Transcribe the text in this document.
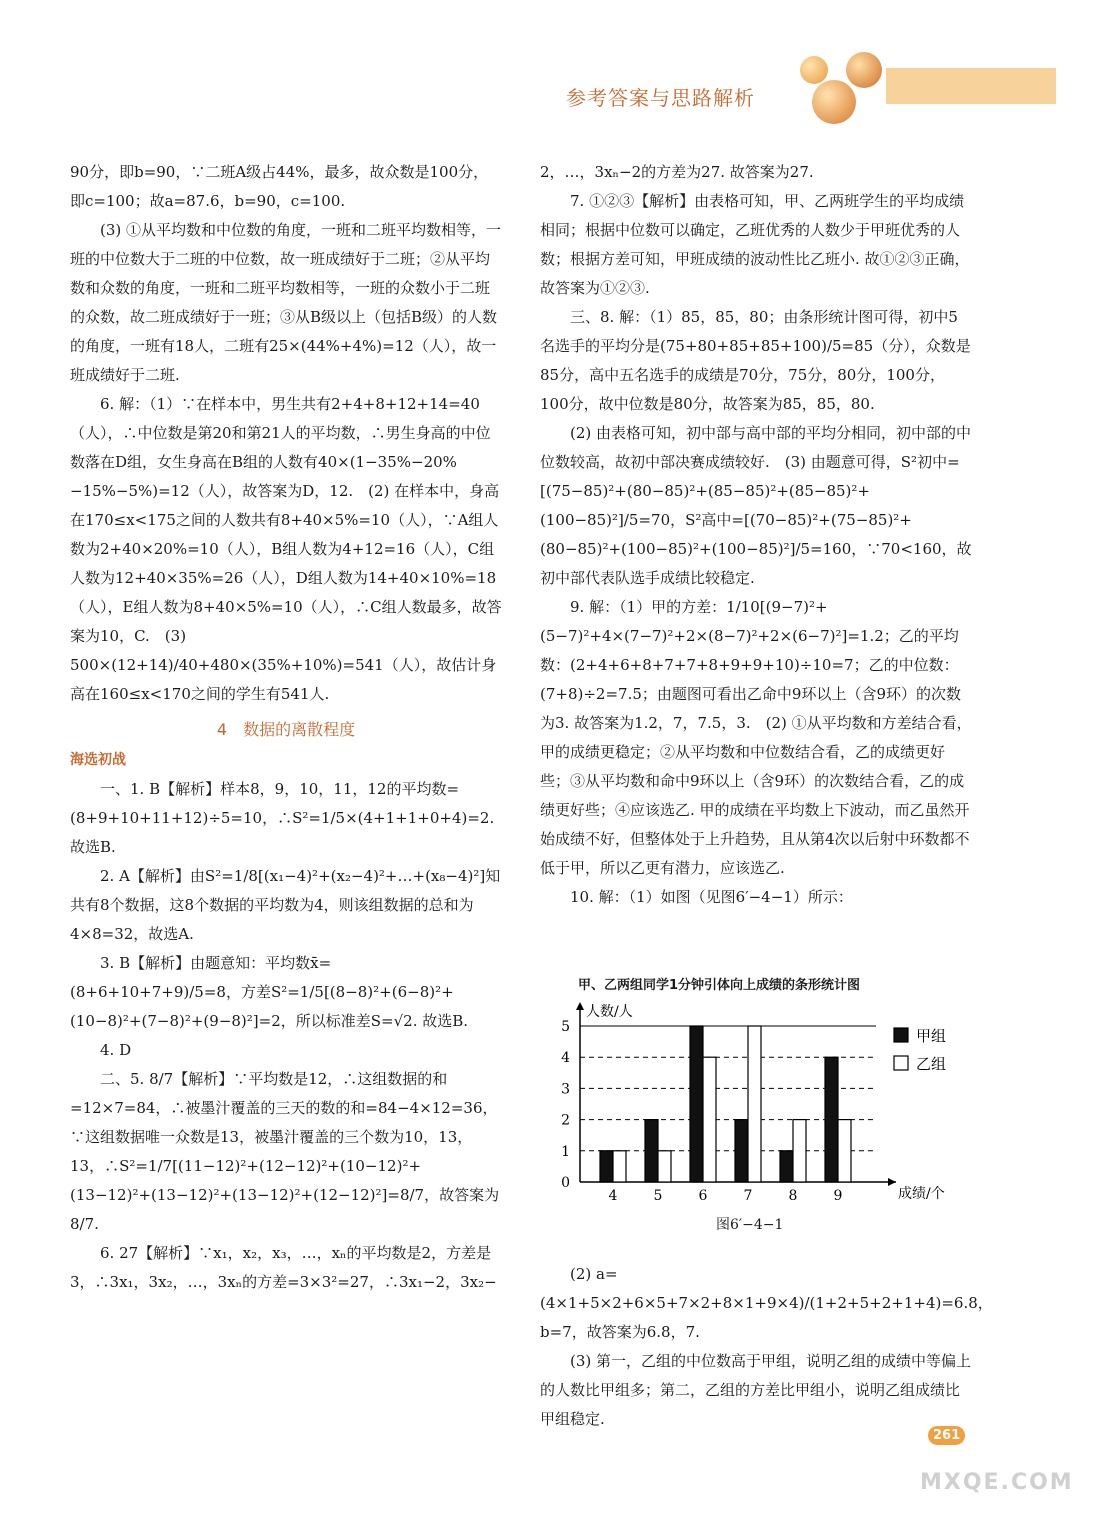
参考答案与思路解析

90分，即b=90，∵二班A级占44%，最多，故众数是100分，即c=100；故a=87.6，b=90，c=100.

(3) ①从平均数和中位数的角度，一班和二班平均数相等，一班的中位数大于二班的中位数，故一班成绩好于二班；②从平均数和众数的角度，一班和二班平均数相等，一班的众数小于二班的众数，故二班成绩好于一班；③从B级以上（包括B级）的人数的角度，一班有18人，二班有25×(44%+4%)=12（人），故一班成绩好于二班.

6. 解：（1）∵在样本中，男生共有2+4+8+12+14=40（人），∴中位数是第20和第21人的平均数，∴男生身高的中位数落在D组，女生身高在B组的人数有40×(1−35%−20%−15%−5%)=12（人），故答案为D，12.　(2) 在样本中，身高在170≤x<175之间的人数共有8+40×5%=10（人），∵A组人数为2+40×20%=10（人），B组人数为4+12=16（人），C组人数为12+40×35%=26（人），D组人数为14+40×10%=18（人），E组人数为8+40×5%=10（人），∴C组人数最多，故答案为10，C.　(3) 500×(12+14)/40+480×(35%+10%)=541（人），故估计身高在160≤x<170之间的学生有541人.

4　数据的离散程度
海选初战

一、1. B【解析】样本8，9，10，11，12的平均数=(8+9+10+11+12)÷5=10，∴S²=1/5×(4+1+1+0+4)=2. 故选B.

2. A【解析】由S²=1/8[(x₁−4)²+(x₂−4)²+…+(x₈−4)²]知共有8个数据，这8个数据的平均数为4，则该组数据的总和为4×8=32，故选A.

3. B【解析】由题意知：平均数x̄=(8+6+10+7+9)/5=8，方差S²=1/5[(8−8)²+(6−8)²+(10−8)²+(7−8)²+(9−8)²]=2，所以标准差S=√2. 故选B.

4. D

二、5. 8/7【解析】∵平均数是12，∴这组数据的和=12×7=84，∴被墨汁覆盖的三天的数的和=84−4×12=36，∵这组数据唯一众数是13，被墨汁覆盖的三个数为10，13，13，∴S²=1/7[(11−12)²+(12−12)²+(10−12)²+(13−12)²+(13−12)²+(13−12)²+(12−12)²]=8/7，故答案为8/7.

6. 27【解析】∵x₁，x₂，x₃，…，xₙ的平均数是2，方差是3，∴3x₁，3x₂，…，3xₙ的方差=3×3²=27，∴3x₁−2，3x₂−

2，…，3xₙ−2的方差为27. 故答案为27.

7. ①②③【解析】由表格可知，甲、乙两班学生的平均成绩相同；根据中位数可以确定，乙班优秀的人数少于甲班优秀的人数；根据方差可知，甲班成绩的波动性比乙班小. 故①②③正确，故答案为①②③.

三、8. 解：（1）85，85，80；由条形统计图可得，初中5名选手的平均分是(75+80+85+85+100)/5=85（分），众数是85分，高中五名选手的成绩是70分，75分，80分，100分，100分，故中位数是80分，故答案为85，85，80.

(2) 由表格可知，初中部与高中部的平均分相同，初中部的中位数较高，故初中部决赛成绩较好.　(3) 由题意可得，S²初中=[(75−85)²+(80−85)²+(85−85)²+(85−85)²+(100−85)²]/5=70，S²高中=[(70−85)²+(75−85)²+(80−85)²+(100−85)²+(100−85)²]/5=160，∵70<160，故初中部代表队选手成绩比较稳定.

9. 解：（1）甲的方差：1/10[(9−7)²+(5−7)²+4×(7−7)²+2×(8−7)²+2×(6−7)²]=1.2；乙的平均数：(2+4+6+8+7+7+8+9+9+10)÷10=7；乙的中位数：(7+8)÷2=7.5；由题图可看出乙命中9环以上（含9环）的次数为3. 故答案为1.2，7，7.5，3.　(2) ①从平均数和方差结合看，甲的成绩更稳定；②从平均数和中位数结合看，乙的成绩更好些；③从平均数和命中9环以上（含9环）的次数结合看，乙的成绩更好些；④应该选乙. 甲的成绩在平均数上下波动，而乙虽然开始成绩不好，但整体处于上升趋势，且从第4次以后射中环数都不低于甲，所以乙更有潜力，应该选乙.

10. 解：（1）如图（见图6′−4−1）所示：

甲、乙两组同学1分钟引体向上成绩的条形统计图
0
1
2
3
4
5
人数/人
成绩/个
4	5	6	7	8	9
甲组
乙组
图6′−4−1

(2) a=(4×1+5×2+6×5+7×2+8×1+9×4)/(1+2+5+2+1+4)=6.8，b=7，故答案为6.8，7.

(3) 第一，乙组的中位数高于甲组，说明乙组的成绩中等偏上的人数比甲组多；第二，乙组的方差比甲组小，说明乙组成绩比甲组稳定.

261
MXQE.COM
